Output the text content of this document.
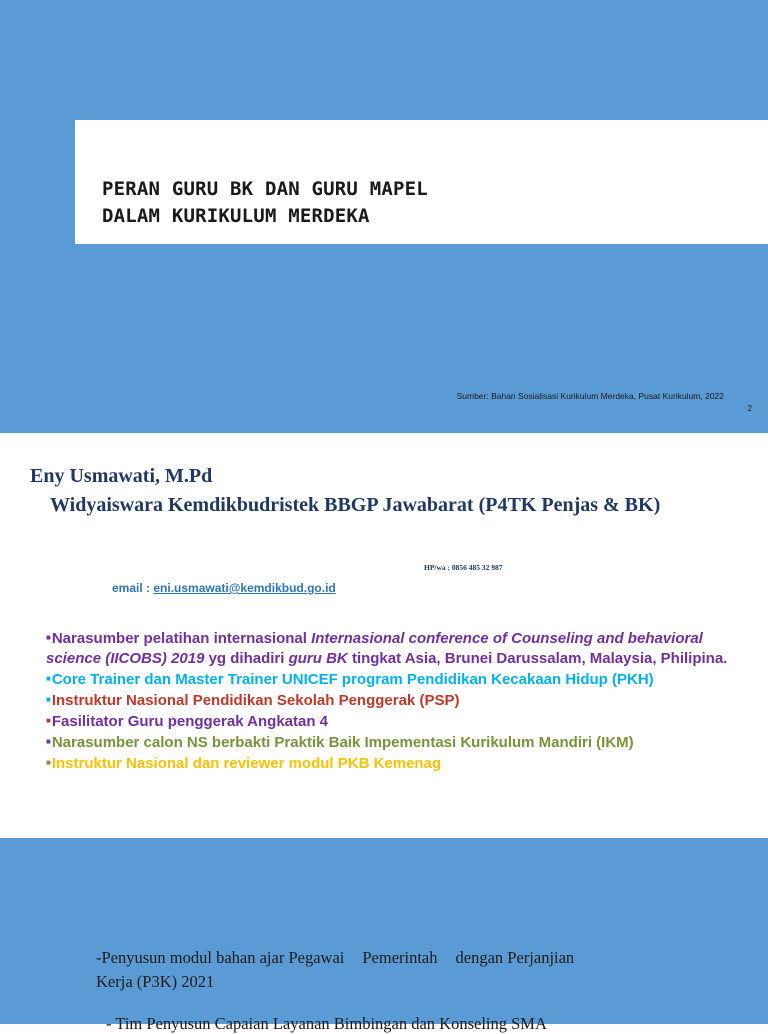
PERAN GURU BK DAN GURU MAPEL
DALAM KURIKULUM MERDEKA
Sumber: Bahan Sosialisasi Kurikulum Merdeka, Pusat Kurikulum, 2022
2
Eny Usmawati, M.Pd
Widyaiswara Kemdikbudristek BBGP Jawabarat (P4TK Penjas & BK)
HP/wa : 0856 485 32 987
email : eni.usmawati@kemdikbud.go.id

■Narasumber pelatihan internasional Internasional conference of Counseling and behavioral science (IICOBS) 2019 yg dihadiri guru BK tingkat Asia, Brunei Darussalam, Malaysia, Philipina.

■Core Trainer dan Master Trainer UNICEF program Pendidikan Kecakaan Hidup (PKH)

■Instruktur Nasional Pendidikan Sekolah Penggerak (PSP)

■Fasilitator Guru penggerak Angkatan 4

■Narasumber calon NS berbakti Praktik Baik Impementasi Kurikulum Mandiri (IKM)

■Instruktur Nasional dan reviewer modul PKB Kemenag

-Penyusun modul bahan ajar Pegawai Pemerintah dengan Perjanjian
Kerja (P3K) 2021
- Tim Penyusun Capaian Layanan Bimbingan dan Konseling SMA
